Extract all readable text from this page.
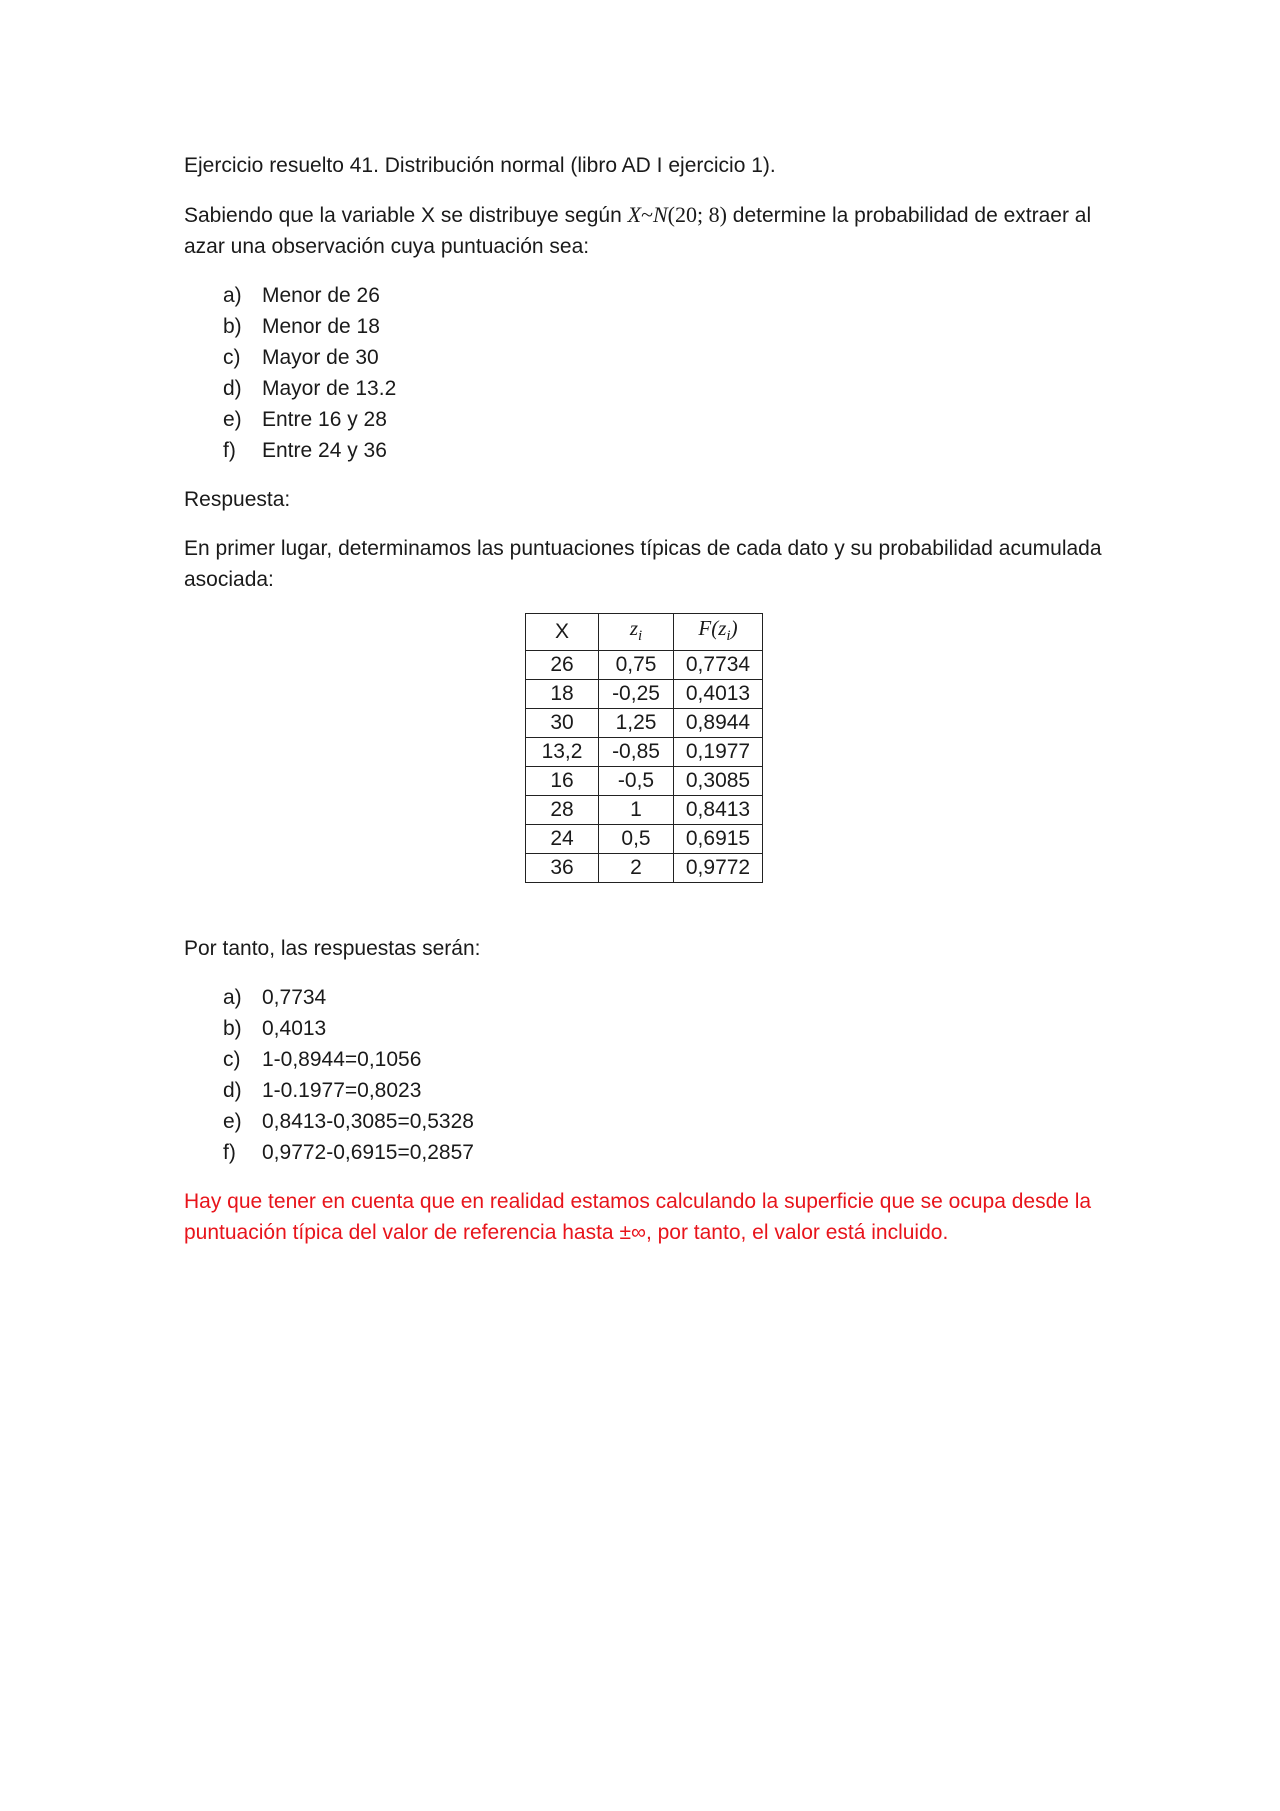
Ejercicio resuelto 41. Distribución normal (libro AD I ejercicio 1).
Sabiendo que la variable X se distribuye según X~N(20; 8) determine la probabilidad de extraer al azar una observación cuya puntuación sea:
a) Menor de 26
b) Menor de 18
c)	Mayor de 30
d) Mayor de 13.2
e) Entre 16 y 28
f)	Entre 24 y 36
Respuesta:
En primer lugar, determinamos las puntuaciones típicas de cada dato y su probabilidad acumulada asociada:
X	$z_i$	$F(z_i)$
26	0,75	0,7734
18	-0,25	0,4013
30	1,25	0,8944
13,2	-0,85	0,1977
16	-0,5	0,3085
28	1	0,8413
24	0,5	0,6915
36	2	0,9772
Por tanto, las respuestas serán:
a) 0,7734
b) 0,4013
c)	1-0,8944=0,1056
d) 1-0.1977=0,8023
e) 0,8413-0,3085=0,5328
f)	0,9772-0,6915=0,2857
Hay que tener en cuenta que en realidad estamos calculando la superficie que se ocupa desde la puntuación típica del valor de referencia hasta ±∞, por tanto, el valor está incluido.
